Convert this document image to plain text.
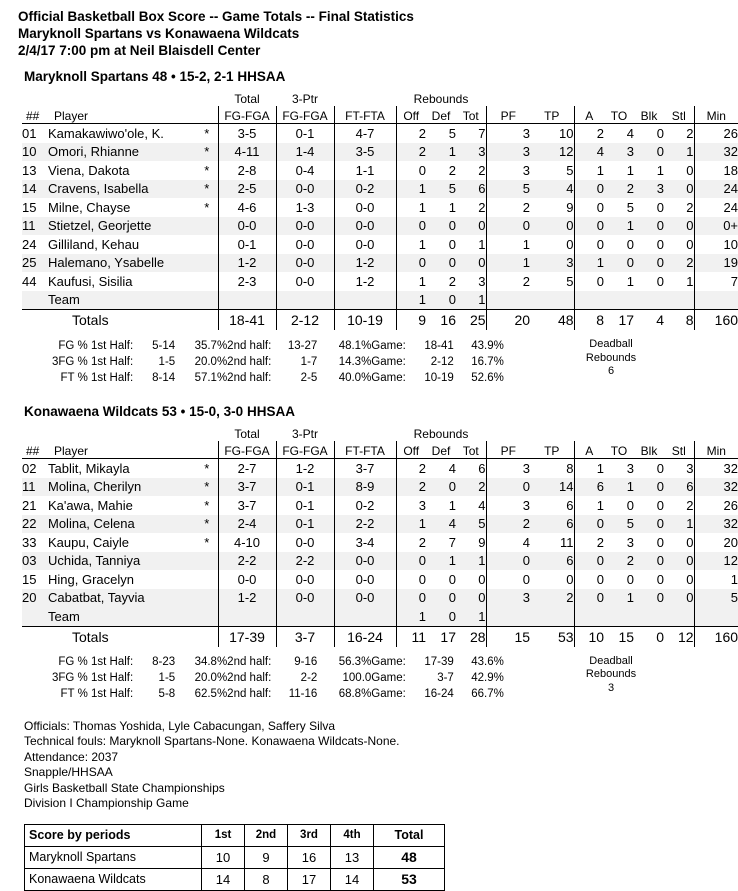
Official Basketball Box Score -- Game Totals -- Final Statistics
Maryknoll Spartans vs Konawaena Wildcats
2/4/17 7:00 pm at Neil Blaisdell Center
Maryknoll Spartans 48 • 15-2, 2-1 HHSAA
			Total	3-Ptr		Rebounds									
##	Player		FG-FGA	FG-FGA	FT-FTA	Off	Def	Tot	PF	TP	A	TO	Blk	Stl	Min
01	Kamakawiwo'ole, K.	*	3-5	0-1	4-7	2	5	7	3	10	2	4	0	2	26
10	Omori, Rhianne	*	4-11	1-4	3-5	2	1	3	3	12	4	3	0	1	32
13	Viena, Dakota	*	2-8	0-4	1-1	0	2	2	3	5	1	1	1	0	18
14	Cravens, Isabella	*	2-5	0-0	0-2	1	5	6	5	4	0	2	3	0	24
15	Milne, Chayse	*	4-6	1-3	0-0	1	1	2	2	9	0	5	0	2	24
11	Stietzel, Georjette		0-0	0-0	0-0	0	0	0	0	0	0	1	0	0	0+
24	Gilliland, Kehau		0-1	0-0	0-0	1	0	1	1	0	0	0	0	0	10
25	Halemano, Ysabelle		1-2	0-0	1-2	0	0	0	1	3	1	0	0	2	19
44	Kaufusi, Sisilia		2-3	0-0	1-2	1	2	3	2	5	0	1	0	1	7
	Team					1	0	1							
	Totals		18-41	2-12	10-19	9	16	25	20	48	8	17	4	8	160
FG % 1st Half:	5-14	35.7%	2nd half:	13-27	48.1%	Game:	18-41	43.9%
3FG % 1st Half:	1-5	20.0%	2nd half:	1-7	14.3%	Game:	2-12	16.7%
FT % 1st Half:	8-14	57.1%	2nd half:	2-5	40.0%	Game:	10-19	52.6%
Deadball
Rebounds
6
Konawaena Wildcats 53 • 15-0, 3-0 HHSAA
			Total	3-Ptr		Rebounds									
##	Player		FG-FGA	FG-FGA	FT-FTA	Off	Def	Tot	PF	TP	A	TO	Blk	Stl	Min
02	Tablit, Mikayla	*	2-7	1-2	3-7	2	4	6	3	8	1	3	0	3	32
11	Molina, Cherilyn	*	3-7	0-1	8-9	2	0	2	0	14	6	1	0	6	32
21	Ka'awa, Mahie	*	3-7	0-1	0-2	3	1	4	3	6	1	0	0	2	26
22	Molina, Celena	*	2-4	0-1	2-2	1	4	5	2	6	0	5	0	1	32
33	Kaupu, Caiyle	*	4-10	0-0	3-4	2	7	9	4	11	2	3	0	0	20
03	Uchida, Tanniya		2-2	2-2	0-0	0	1	1	0	6	0	2	0	0	12
15	Hing, Gracelyn		0-0	0-0	0-0	0	0	0	0	0	0	0	0	0	1
20	Cabatbat, Tayvia		1-2	0-0	0-0	0	0	0	3	2	0	1	0	0	5
	Team					1	0	1							
	Totals		17-39	3-7	16-24	11	17	28	15	53	10	15	0	12	160
FG % 1st Half:	8-23	34.8%	2nd half:	9-16	56.3%	Game:	17-39	43.6%
3FG % 1st Half:	1-5	20.0%	2nd half:	2-2	100.0	Game:	3-7	42.9%
FT % 1st Half:	5-8	62.5%	2nd half:	11-16	68.8%	Game:	16-24	66.7%
Deadball
Rebounds
3
Officials: Thomas Yoshida, Lyle Cabacungan, Saffery Silva
Technical fouls: Maryknoll Spartans-None. Konawaena Wildcats-None.
Attendance: 2037
Snapple/HHSAA
Girls Basketball State Championships
Division I Championship Game
Score by periods	1st	2nd	3rd	4th	Total
Maryknoll Spartans	10	9	16	13	48
Konawaena Wildcats	14	8	17	14	53
